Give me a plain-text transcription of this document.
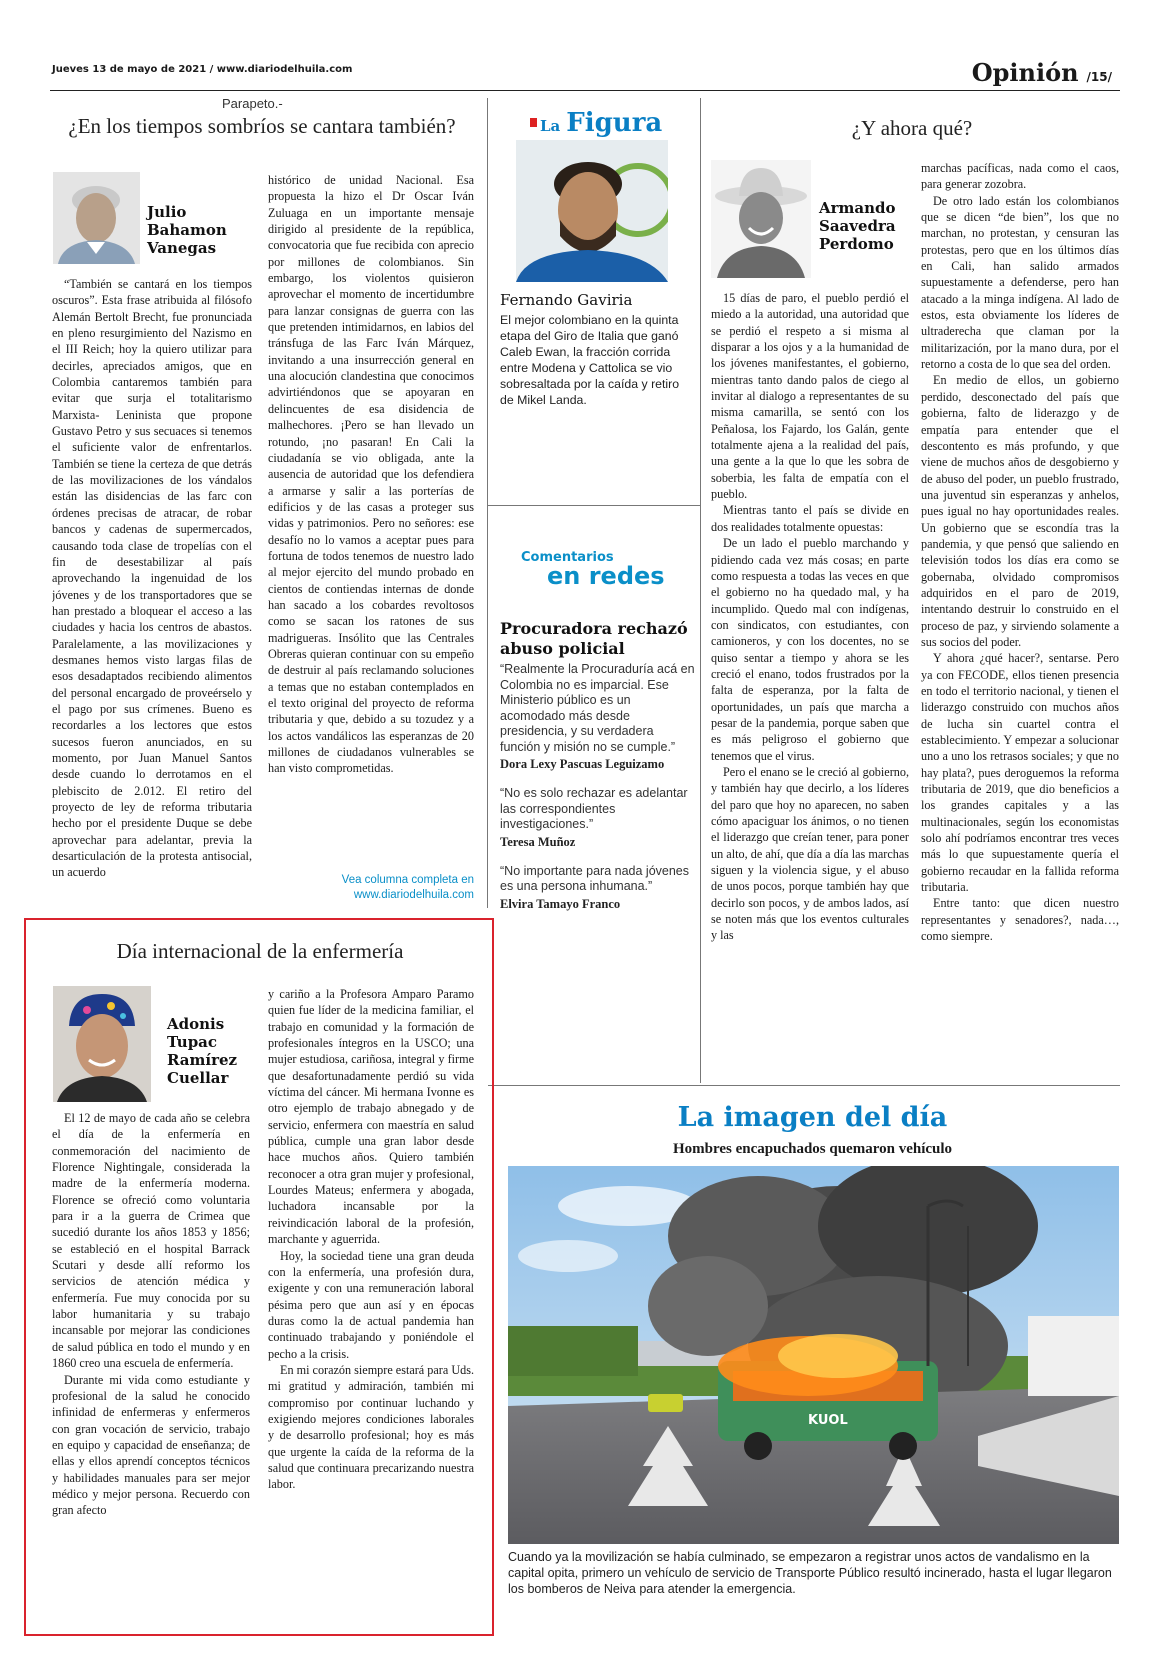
Jueves 13 de mayo de 2021 / www.diariodelhuila.com	Opinión /15/
Parapeto.-
¿En los tiempos sombríos se cantara también?
Julio
Bahamon
Vanegas

“También se cantará en los tiempos oscuros”. Esta frase atribuida al filósofo Alemán Bertolt Brecht, fue pronunciada en pleno resurgimiento del Nazismo en el III Reich; hoy la quiero utilizar para decirles, apreciados amigos, que en Colombia cantaremos también para evitar que surja el totalitarismo Marxista- Leninista que propone Gustavo Petro y sus secuaces si tenemos el suficiente valor de enfrentarlos. También se tiene la certeza de que detrás de las movilizaciones de los vándalos están las disidencias de las farc con órdenes precisas de atracar, de robar bancos y cadenas de supermercados, causando toda clase de tropelías con el fin de desestabilizar al país aprovechando la ingenuidad de los jóvenes y de los transportadores que se han prestado a bloquear el acceso a las ciudades y hacia los centros de abastos. Paralelamente, a las movilizaciones y desmanes hemos visto largas filas de esos desadaptados recibiendo alimentos del personal encargado de proveérselo y el pago por sus crímenes. Bueno es recordarles a los lectores que estos sucesos fueron anunciados, en su momento, por Juan Manuel Santos desde cuando lo derrotamos en el plebiscito de 2.012. El retiro del proyecto de ley de reforma tributaria hecho por el presidente Duque se debe aprovechar para adelantar, previa la desarticulación de la protesta antisocial, un acuerdo

histórico de unidad Nacional. Esa propuesta la hizo el Dr Oscar Iván Zuluaga en un importante mensaje dirigido al presidente de la república, convocatoria que fue recibida con aprecio por millones de colombianos. Sin embargo, los violentos quisieron aprovechar el momento de incertidumbre para lanzar consignas de guerra con las que pretenden intimidarnos, en labios del tránsfuga de las Farc Iván Márquez, invitando a una insurrección general en una alocución clandestina que conocimos advirtiéndonos que se apoyaran en delincuentes de esa disidencia de malhechores. ¡Pero se han llevado un rotundo, ¡no pasaran! En Cali la ciudadanía se vio obligada, ante la ausencia de autoridad que los defendiera a armarse y salir a las porterías de edificios y de las casas a proteger sus vidas y patrimonios. Pero no señores: ese desafío no lo vamos a aceptar pues para fortuna de todos tenemos de nuestro lado al mejor ejercito del mundo probado en cientos de contiendas internas de donde han sacado a los cobardes revoltosos como se sacan los ratones de sus madrigueras. Insólito que las Centrales Obreras quieran continuar con su empeño de destruir al país reclamando soluciones a temas que no estaban contemplados en el texto original del proyecto de reforma tributaria y que, debido a su tozudez y a los actos vandálicos las esperanzas de 20 millones de ciudadanos vulnerables se han visto comprometidas.

Vea columna completa en
www.diariodelhuila.com
La Figura
Fernando Gaviria
El mejor colombiano en la quinta etapa del Giro de Italia que ganó Caleb Ewan, la fracción corrida entre Modena y Cattolica se vio sobresaltada por la caída y retiro de Mikel Landa.
Comentarios
en redes
Procuradora rechazó abuso policial
“Realmente la Procuraduría acá en Colombia no es imparcial. Ese Ministerio público es un acomodado más desde presidencia, y su verdadera función y misión no se cumple.”
Dora Lexy Pascuas Leguizamo
“No es solo rechazar es adelantar las correspondientes investigaciones.”
Teresa Muñoz
“No importante para nada jóvenes es una persona inhumana.”
Elvira Tamayo Franco
¿Y ahora qué?
Armando
Saavedra
Perdomo

15 días de paro, el pueblo perdió el miedo a la autoridad, una autoridad que se perdió el respeto a si misma al disparar a los ojos y a la humanidad de los jóvenes manifestantes, el gobierno, mientras tanto dando palos de ciego al invitar al dialogo a representantes de su misma camarilla, se sentó con los Peñalosa, los Fajardo, los Galán, gente totalmente ajena a la realidad del país, una gente a la que lo que les sobra de soberbia, les falta de empatía con el pueblo.

Mientras tanto el país se divide en dos realidades totalmente opuestas:

De un lado el pueblo marchando y pidiendo cada vez más cosas; en parte como respuesta a todas las veces en que el gobierno no ha quedado mal, y ha incumplido. Quedo mal con indígenas, con sindicatos, con estudiantes, con camioneros, y con los docentes, no se quiso sentar a tiempo y ahora se les creció el enano, todos frustrados por la falta de esperanza, por la falta de oportunidades, un país que marcha a pesar de la pandemia, porque saben que es más peligroso el gobierno que tenemos que el virus.

Pero el enano se le creció al gobierno, y también hay que decirlo, a los líderes del paro que hoy no aparecen, no saben cómo apaciguar los ánimos, o no tienen el liderazgo que creían tener, para poner un alto, de ahí, que día a día las marchas siguen y la violencia sigue, y el abuso de unos pocos, porque también hay que decirlo son pocos, y de ambos lados, así se noten más que los eventos culturales y las

marchas pacíficas, nada como el caos, para generar zozobra.

De otro lado están los colombianos que se dicen “de bien”, los que no marchan, no protestan, y censuran las protestas, pero que en los últimos días en Cali, han salido armados supuestamente a defenderse, pero han atacado a la minga indígena. Al lado de estos, esta obviamente los líderes de ultraderecha que claman por la militarización, por la mano dura, por el retorno a costa de lo que sea del orden.

En medio de ellos, un gobierno perdido, desconectado del país que gobierna, falto de liderazgo y de empatía para entender que el descontento es más profundo, y que viene de muchos años de desgobierno y de abuso del poder, un pueblo frustrado, una juventud sin esperanzas y anhelos, pues igual no hay oportunidades reales. Un gobierno que se escondía tras la pandemia, y que pensó que saliendo en televisión todos los días era como se gobernaba, olvidado compromisos adquiridos en el paro de 2019, intentando destruir lo construido en el proceso de paz, y sirviendo solamente a sus socios del poder.

Y ahora ¿qué hacer?, sentarse. Pero ya con FECODE, ellos tienen presencia en todo el territorio nacional, y tienen el liderazgo construido con muchos años de lucha sin cuartel contra el establecimiento. Y empezar a solucionar uno a uno los retrasos sociales; y que no hay plata?, pues deroguemos la reforma tributaria de 2019, que dio beneficios a los grandes capitales y a las multinacionales, según los economistas solo ahí podríamos encontrar tres veces más lo que supuestamente quería el gobierno recaudar en la fallida reforma tributaria.

Entre tanto: que dicen nuestro representantes y senadores?, nada…, como siempre.

Día internacional de la enfermería
Adonis
Tupac
Ramírez
Cuellar

El 12 de mayo de cada año se celebra el día de la enfermería en conmemoración del nacimiento de Florence Nightingale, considerada la madre de la enfermería moderna. Florence se ofreció como voluntaria para ir a la guerra de Crimea que sucedió durante los años 1853 y 1856; se estableció en el hospital Barrack Scutari y desde allí reformo los servicios de atención médica y enfermería. Fue muy conocida por su labor humanitaria y su trabajo incansable por mejorar las condiciones de salud pública en todo el mundo y en 1860 creo una escuela de enfermería.

Durante mi vida como estudiante y profesional de la salud he conocido infinidad de enfermeras y enfermeros con gran vocación de servicio, trabajo en equipo y capacidad de enseñanza; de ellas y ellos aprendí conceptos técnicos y habilidades manuales para ser mejor médico y mejor persona. Recuerdo con gran afecto

y cariño a la Profesora Amparo Paramo quien fue líder de la medicina familiar, el trabajo en comunidad y la formación de profesionales íntegros en la USCO; una mujer estudiosa, cariñosa, integral y firme que desafortunadamente perdió su vida víctima del cáncer. Mi hermana Ivonne es otro ejemplo de trabajo abnegado y de servicio, enfermera con maestría en salud pública, cumple una gran labor desde hace muchos años. Quiero también reconocer a otra gran mujer y profesional, Lourdes Mateus; enfermera y abogada, luchadora incansable por la reivindicación laboral de la profesión, marchante y aguerrida.

Hoy, la sociedad tiene una gran deuda con la enfermería, una profesión dura, exigente y con una remuneración laboral pésima pero que aun así y en épocas duras como la de actual pandemia han continuado trabajando y poniéndole el pecho a la crisis.

En mi corazón siempre estará para Uds. mi gratitud y admiración, también mi compromiso por continuar luchando y exigiendo mejores condiciones laborales y de desarrollo profesional; hoy es más que urgente la caída de la reforma de la salud que continuara precarizando nuestra labor.

La imagen del día
Hombres encapuchados quemaron vehículo
KUOL
Cuando ya la movilización se había culminado, se empezaron a registrar unos actos de vandalismo en la capital opita, primero un vehículo de servicio de Transporte Público resultó incinerado, hasta el lugar llegaron los bomberos de Neiva para atender la emergencia.
